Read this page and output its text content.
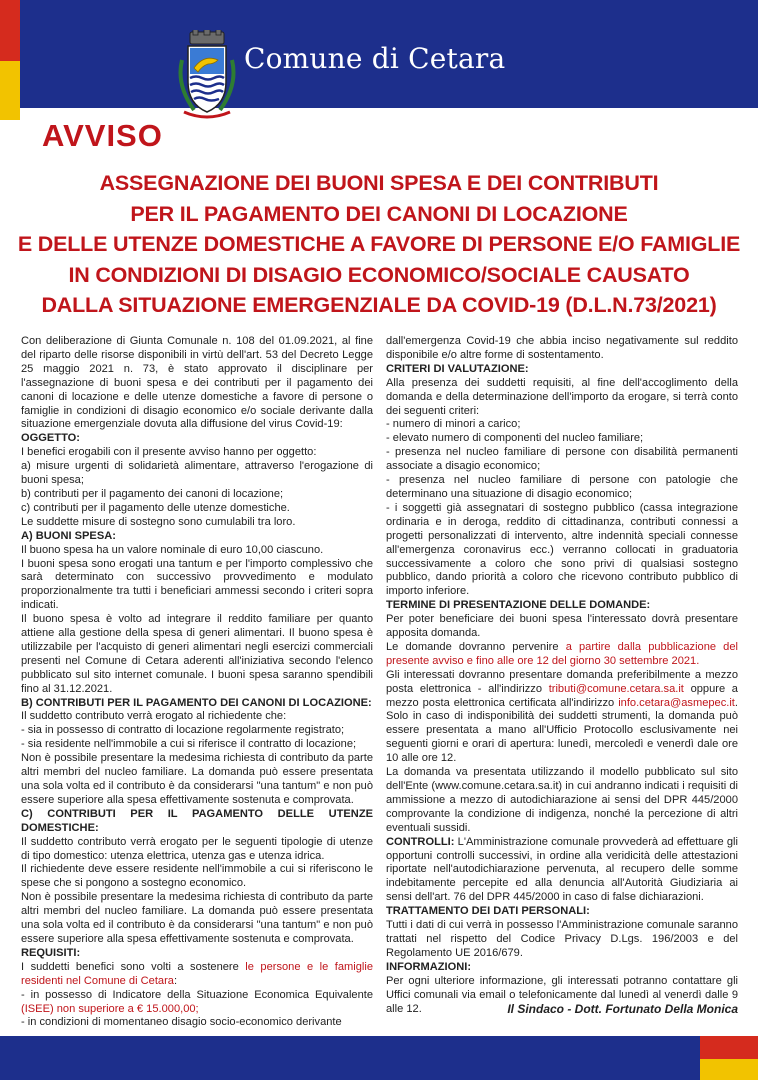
Comune di Cetara
AVVISO
ASSEGNAZIONE DEI BUONI SPESA E DEI CONTRIBUTI
PER IL PAGAMENTO DEI CANONI DI LOCAZIONE
E DELLE UTENZE DOMESTICHE A FAVORE DI PERSONE E/O FAMIGLIE
IN CONDIZIONI DI DISAGIO ECONOMICO/SOCIALE CAUSATO
DALLA SITUAZIONE EMERGENZIALE DA COVID-19 (D.L.N.73/2021)

Con deliberazione di Giunta Comunale n. 108 del 01.09.2021, al fine del riparto delle risorse disponibili in virtù dell'art. 53 del Decreto Legge 25 maggio 2021 n. 73, è stato approvato il disciplinare per l'assegnazione di buoni spesa e dei contributi per il pagamento dei canoni di locazione e delle utenze domestiche a favore di persone o famiglie in condizioni di disagio economico e/o sociale derivante dalla situazione emergenziale dovuta alla diffusione del virus Covid-19:

OGGETTO:

I benefici erogabili con il presente avviso hanno per oggetto:

a) misure urgenti di solidarietà alimentare, attraverso l'erogazione di buoni spesa;

b) contributi per il pagamento dei canoni di locazione;

c) contributi per il pagamento delle utenze domestiche.

Le suddette misure di sostegno sono cumulabili tra loro.

A) BUONI SPESA:

Il buono spesa ha un valore nominale di euro 10,00 ciascuno.

I buoni spesa sono erogati una tantum e per l'importo complessivo che sarà determinato con successivo provvedimento e modulato proporzionalmente tra tutti i beneficiari ammessi secondo i criteri sopra indicati.

Il buono spesa è volto ad integrare il reddito familiare per quanto attiene alla gestione della spesa di generi alimentari. Il buono spesa è utilizzabile per l'acquisto di generi alimentari negli esercizi commerciali presenti nel Comune di Cetara aderenti all'iniziativa secondo l'elenco pubblicato sul sito internet comunale. I buoni spesa saranno spendibili fino al 31.12.2021.

B) CONTRIBUTI PER IL PAGAMENTO DEI CANONI DI LOCAZIONE:

Il suddetto contributo verrà erogato al richiedente che:

- sia in possesso di contratto di locazione regolarmente registrato;

- sia residente nell'immobile a cui si riferisce il contratto di locazione;

Non è possibile presentare la medesima richiesta di contributo da parte altri membri del nucleo familiare. La domanda può essere presentata una sola volta ed il contributo è da considerarsi "una tantum" e non può essere superiore alla spesa effettivamente sostenuta e comprovata.

C) CONTRIBUTI PER IL PAGAMENTO DELLE UTENZE DOMESTICHE:

Il suddetto contributo verrà erogato per le seguenti tipologie di utenze di tipo domestico: utenza elettrica, utenza gas e utenza idrica.

Il richiedente deve essere residente nell'immobile a cui si riferiscono le spese che si pongono a sostegno economico.

Non è possibile presentare la medesima richiesta di contributo da parte altri membri del nucleo familiare. La domanda può essere presentata una sola volta ed il contributo è da considerarsi "una tantum" e non può essere superiore alla spesa effettivamente sostenuta e comprovata.

REQUISITI:

I suddetti benefici sono volti a sostenere le persone e le famiglie residenti nel Comune di Cetara:

- in possesso di Indicatore della Situazione Economica Equivalente (ISEE) non superiore a € 15.000,00;

- in condizioni di momentaneo disagio socio-economico derivante

dall'emergenza Covid-19 che abbia inciso negativamente sul reddito disponibile e/o altre forme di sostentamento.

CRITERI DI VALUTAZIONE:

Alla presenza dei suddetti requisiti, al fine dell'accoglimento della domanda e della determinazione dell'importo da erogare, si terrà conto dei seguenti criteri:

- numero di minori a carico;

- elevato numero di componenti del nucleo familiare;

- presenza nel nucleo familiare di persone con disabilità permanenti associate a disagio economico;

- presenza nel nucleo familiare di persone con patologie che determinano una situazione di disagio economico;

- i soggetti già assegnatari di sostegno pubblico (cassa integrazione ordinaria e in deroga, reddito di cittadinanza, contributi connessi a progetti personalizzati di intervento, altre indennità speciali connesse all'emergenza coronavirus ecc.) verranno collocati in graduatoria successivamente a coloro che sono privi di qualsiasi sostegno pubblico, dando priorità a coloro che ricevono contributo pubblico di importo inferiore.

TERMINE DI PRESENTAZIONE DELLE DOMANDE:

Per poter beneficiare dei buoni spesa l'interessato dovrà presentare apposita domanda.

Le domande dovranno pervenire a partire dalla pubblicazione del presente avviso e fino alle ore 12 del giorno 30 settembre 2021.

Gli interessati dovranno presentare domanda preferibilmente a mezzo posta elettronica - all'indirizzo tributi@comune.cetara.sa.it oppure a mezzo posta elettronica certificata all'indirizzo info.cetara@asmepec.it. Solo in caso di indisponibilità dei suddetti strumenti, la domanda può essere presentata a mano all'Ufficio Protocollo esclusivamente nei seguenti giorni e orari di apertura: lunedì, mercoledì e venerdì dale ore 10 alle ore 12.

La domanda va presentata utilizzando il modello pubblicato sul sito dell'Ente (www.comune.cetara.sa.it) in cui andranno indicati i requisiti di ammissione a mezzo di autodichiarazione ai sensi del DPR 445/2000 comprovante la condizione di indigenza, nonché la percezione di altri eventuali sussidi.

CONTROLLI: L'Amministrazione comunale provvederà ad effettuare gli opportuni controlli successivi, in ordine alla veridicità delle attestazioni riportate nell'autodichiarazione pervenuta, al recupero delle somme indebitamente percepite ed alla denuncia all'Autorità Giudiziaria ai sensi dell'art. 76 del DPR 445/2000 in caso di false dichiarazioni.

TRATTAMENTO DEI DATI PERSONALI:

Tutti i dati di cui verrà in possesso l'Amministrazione comunale saranno trattati nel rispetto del Codice Privacy D.Lgs. 196/2003 e del Regolamento UE 2016/679.

INFORMAZIONI:

Per ogni ulteriore informazione, gli interessati potranno contattare gli Uffici comunali via email o telefonicamente dal lunedì al venerdì dalle 9 alle 12.	Il Sindaco - Dott. Fortunato Della Monica
